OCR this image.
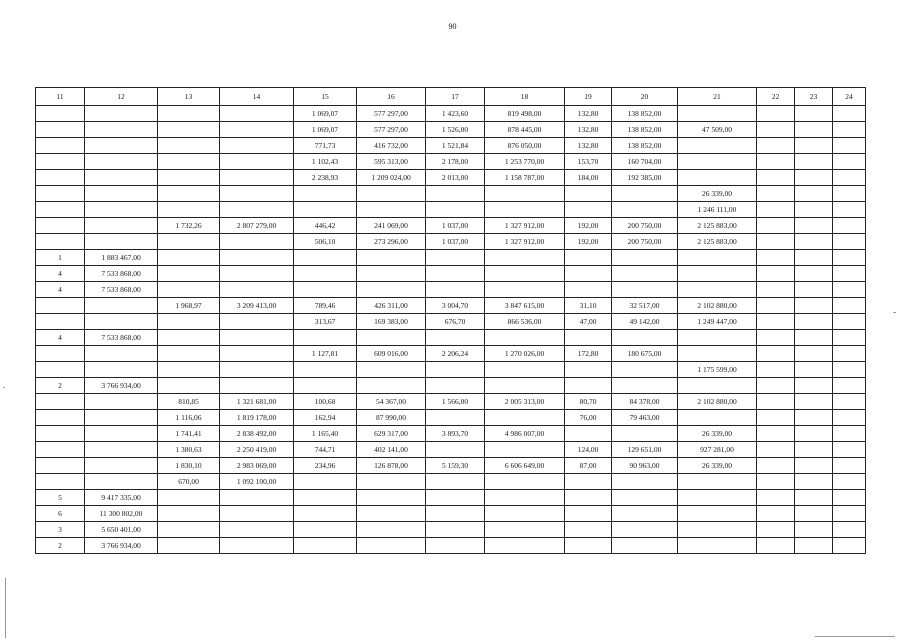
90
11	12	13	14	15	16	17	18	19	20	21	22	23	24
				1 069,07	577 297,00	1 423,60	819 498,00	132,80	138 852,00				
				1 069,07	577 297,00	1 526,00	878 445,00	132,80	138 852,00	47 509,00			
				771,73	416 732,00	1 521,84	876 050,00	132,80	138 852,00				
				1 102,43	595 313,00	2 178,00	1 253 770,00	153,70	160 704,00				
				2 238,93	1 209 024,00	2 013,00	1 158 787,00	184,00	192 385,00				
										26 339,00			
										1 246 111,00			
		1 732,26	2 807 279,00	446,42	241 069,00	1 037,00	1 327 912,00	192,00	200 750,00	2 125 883,00			
				506,10	273 296,00	1 037,00	1 327 912,00	192,00	200 750,00	2 125 883,00			
1	1 883 467,00												
4	7 533 868,00												
4	7 533 868,00												
		1 968,97	3 209 413,00	789,46	426 311,00	3 004,70	3 847 615,00	31,10	32 517,00	2 102 880,00			
				313,67	169 383,00	676,70	866 536,00	47,00	49 142,00	1 249 447,00			
4	7 533 868,00												
				1 127,81	609 016,00	2 206,24	1 270 026,00	172,80	180 675,00				
										1 175 599,00			
2	3 766 934,00												
		810,85	1 321 681,00	100,68	54 367,00	1 566,00	2 005 313,00	80,70	84 378,00	2 102 880,00			
		1 116,06	1 819 178,00	162,94	87 990,00			76,00	79 463,00				
		1 741,41	2 838 492,00	1 165,40	629 317,00	3 893,70	4 986 007,00			26 339,00			
		1 380,63	2 250 419,00	744,71	402 141,00			124,00	129 651,00	927 281,00			
		1 830,10	2 983 069,00	234,96	126 878,00	5 159,30	6 606 649,00	87,00	90 963,00	26 339,00			
		670,00	1 092 100,00										
5	9 417 335,00												
6	11 300 802,00												
3	5 650 401,00												
2	3 766 934,00												
